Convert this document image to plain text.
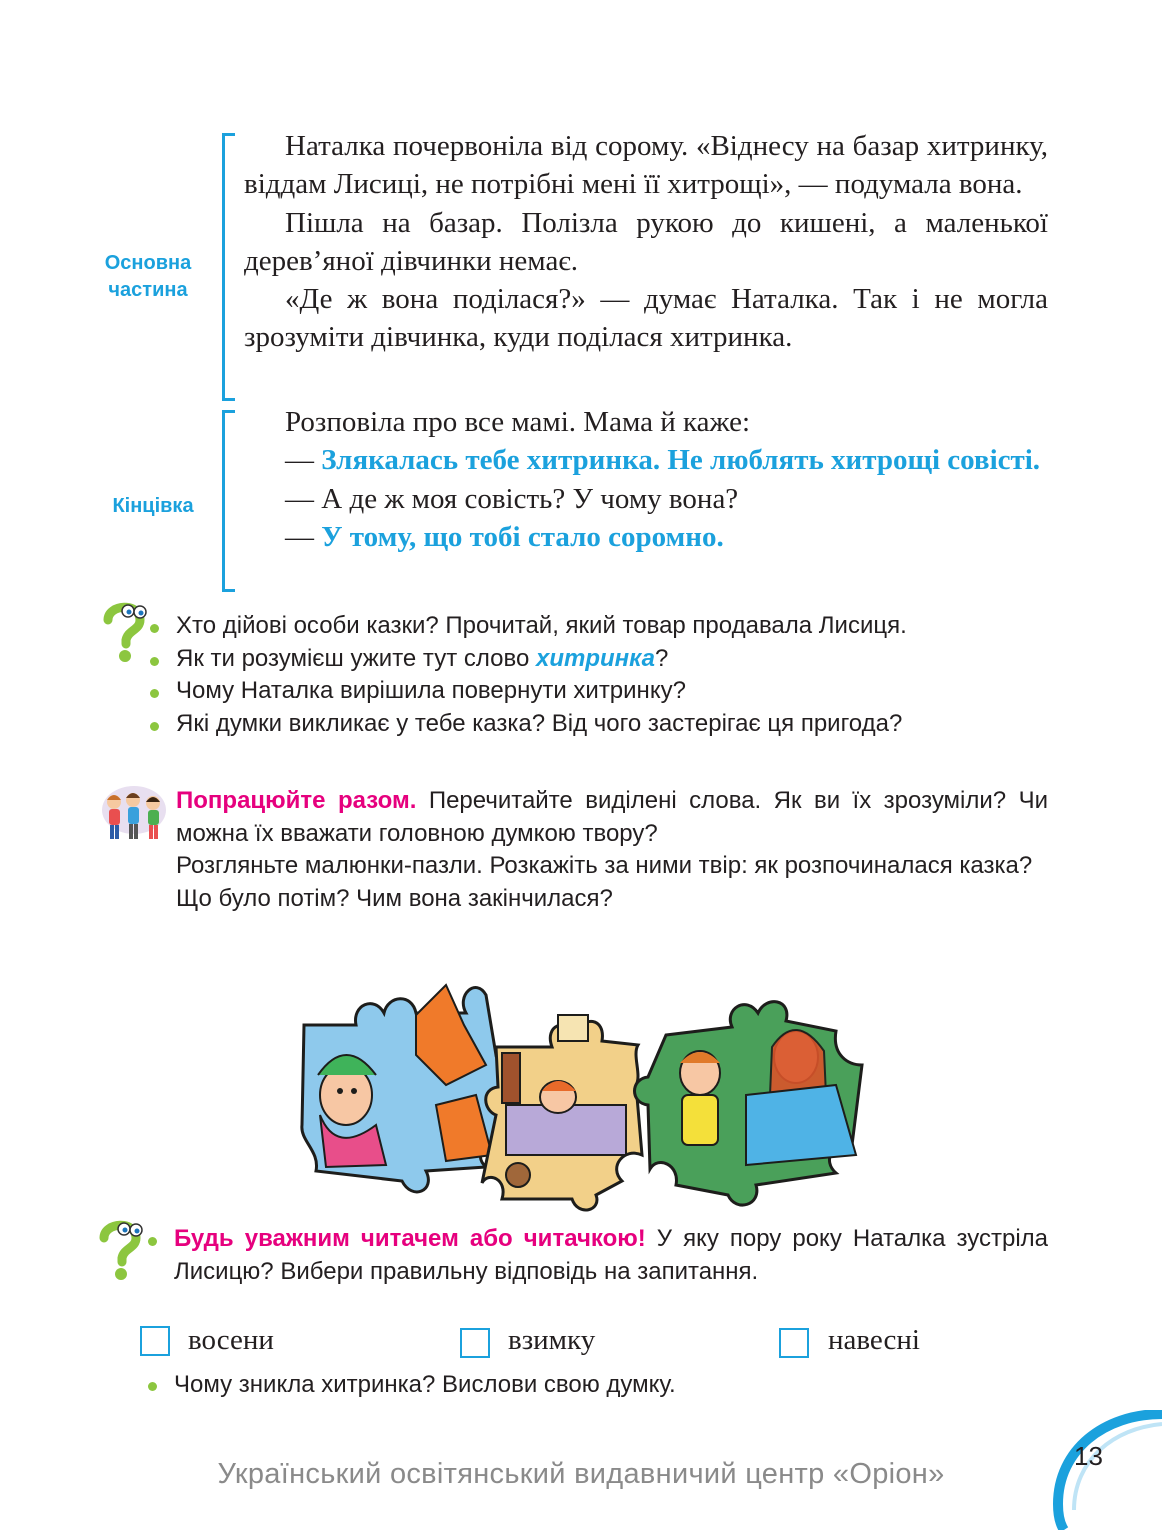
Основна
частина
Кінцівка

Наталка почервоніла від сорому. «Віднесу на базар хитринку, віддам Лисиці, не потрібні мені її хитрощі», — подумала вона.

Пішла на базар. Полізла рукою до кишені, а маленької дерев’яної дівчинки немає.

«Де ж вона поділася?» — думає Наталка. Так і не могла зрозуміти дівчинка, куди поділася хитринка.

Розповіла про все мамі. Мама й каже:

— Злякалась тебе хитринка. Не люблять хитрощі совісті.

— А де ж моя совість? У чому вона?

— У тому, що тобі стало соромно.

Хто дійові особи казки? Прочитай, який товар продавала Лисиця.

Як ти розумієш ужите тут слово хитринка?

Чому Наталка вирішила повернути хитринку?

Які думки викликає у тебе казка? Від чого застерігає ця пригода?

Попрацюйте разом. Перечитайте виділені слова. Як ви їх зрозуміли? Чи можна їх вважати головною думкою твору?

Розгляньте малюнки-пазли. Розкажіть за ними твір: як розпочиналася казка?

Що було потім? Чим вона закінчилася?

Будь уважним читачем або читачкою! У яку пору року Наталка зустріла Лисицю? Вибери правильну відповідь на запитання.

восени	взимку	навесні
Чому зникла хитринка? Вислови свою думку.
Український освітянський видавничий центр «Оріон»
13
